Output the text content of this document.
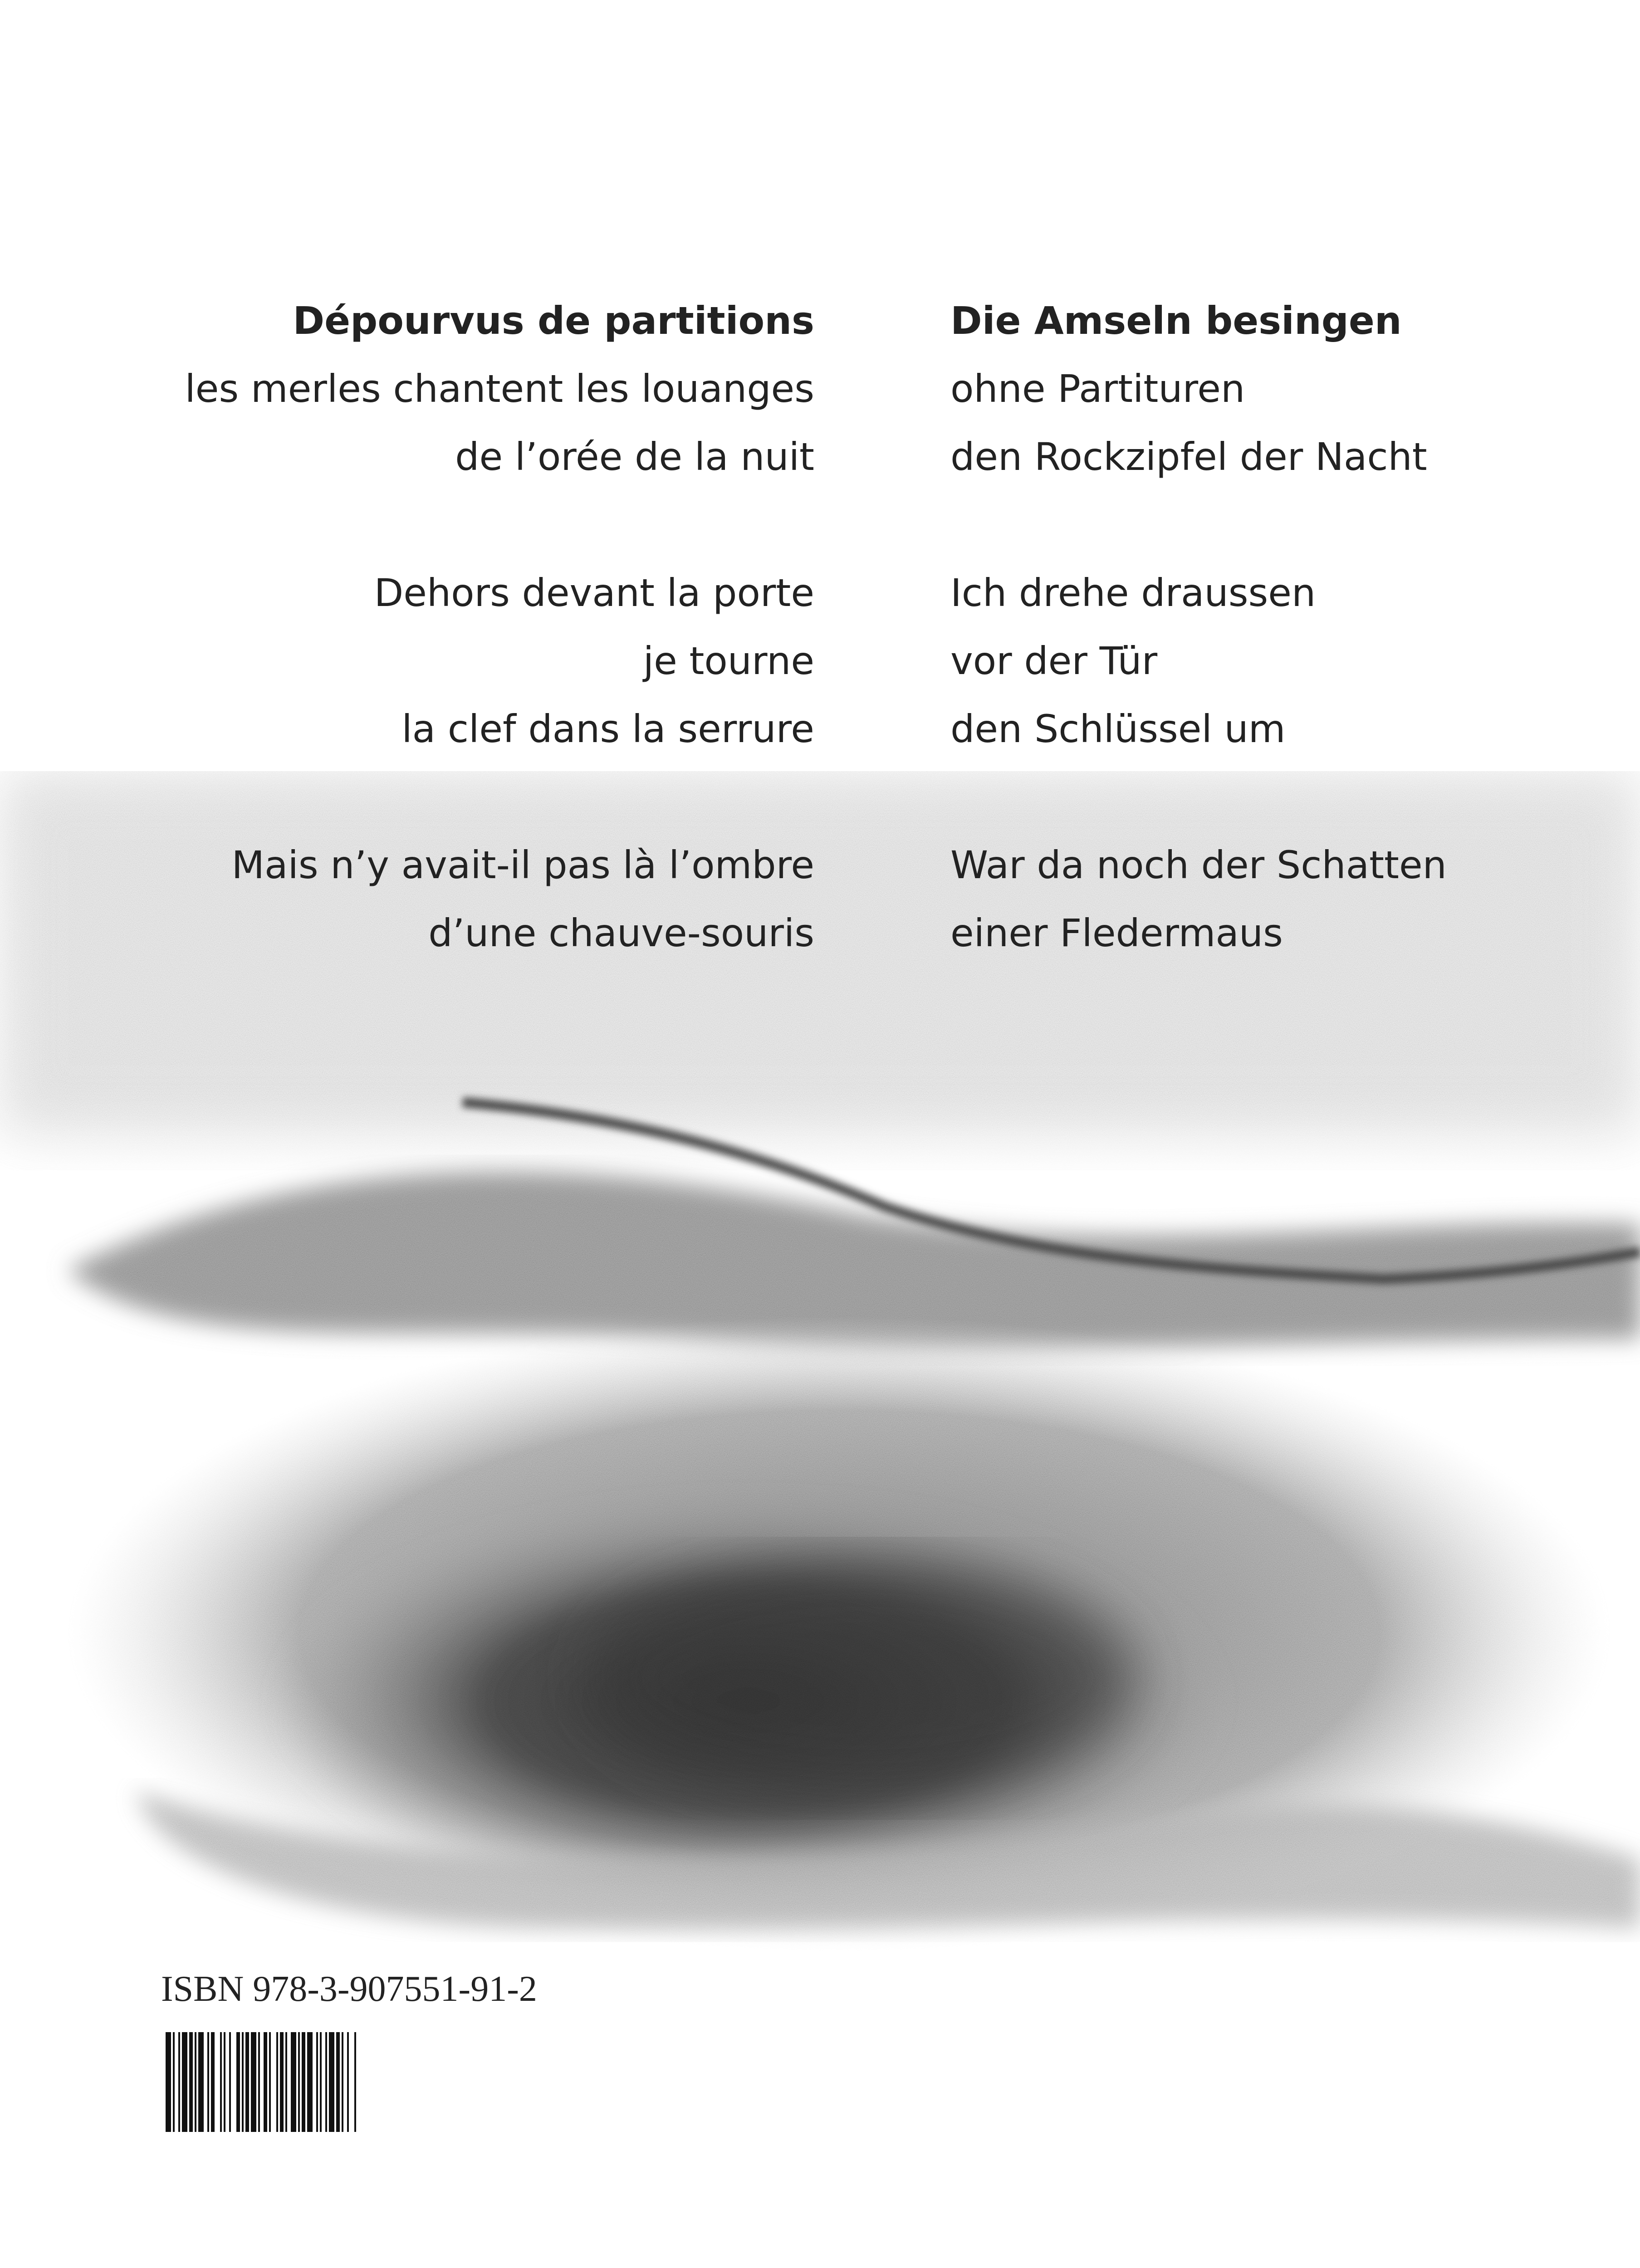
Dépourvus de partitions
les merles chantent les louanges
de l’orée de la nuit
Dehors devant la porte
je tourne
la clef dans la serrure
Mais n’y avait-il pas là l’ombre
d’une chauve-souris
Die Amseln besingen
ohne Partituren
den Rockzipfel der Nacht
Ich drehe draussen
vor der Tür
den Schlüssel um
War da noch der Schatten
einer Fledermaus
ISBN 978-3-907551-91-2
